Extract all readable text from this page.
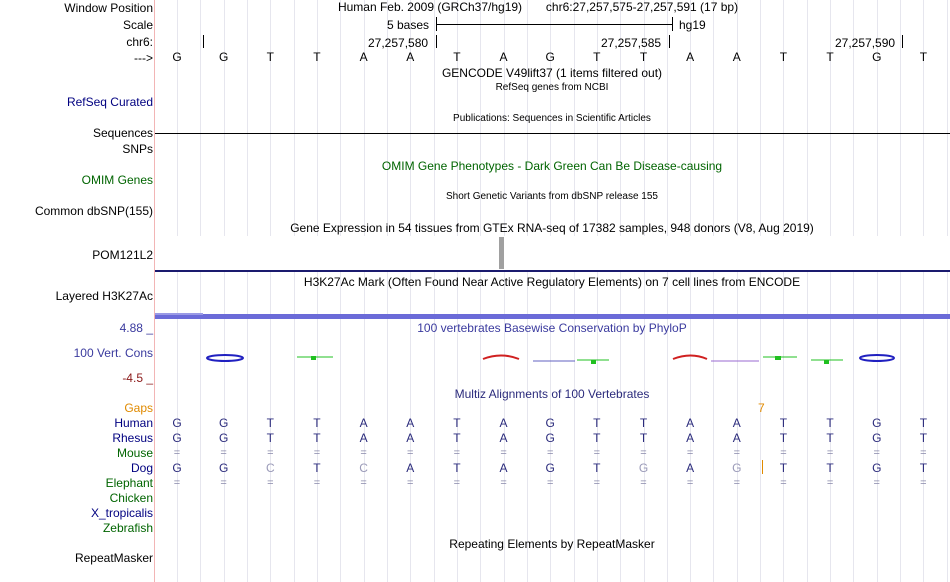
Window Position
Scale
chr6:
--->
RefSeq Curated
Sequences
SNPs
OMIM Genes
Common dbSNP(155)
POM121L2
Layered H3K27Ac
4.88 _
100 Vert. Cons
-4.5 _
Gaps
Human
Rhesus
Mouse
Dog
Elephant
Chicken
X_tropicalis
Zebrafish
RepeatMasker
Human Feb. 2009 (GRCh37/hg19) chr6:27,257,575-27,257,591 (17 bp)
5 bases	hg19
27,257,580	27,257,585	27,257,590
G	G	T	T	A	A	T	A	G	T	T	A	A	T	T	G	T
GENCODE V49lift37 (1 items filtered out)
RefSeq genes from NCBI
Publications: Sequences in Scientific Articles
OMIM Gene Phenotypes - Dark Green Can Be Disease-causing
Short Genetic Variants from dbSNP release 155
Gene Expression in 54 tissues from GTEx RNA-seq of 17382 samples, 948 donors (V8, Aug 2019)
H3K27Ac Mark (Often Found Near Active Regulatory Elements) on 7 cell lines from ENCODE
100 vertebrates Basewise Conservation by PhyloP
Multiz Alignments of 100 Vertebrates
7
G	G	T	T	A	A	T	A	G	T	T	A	A	T	T	G	T
G	G	T	T	A	A	T	A	G	T	T	A	A	T	T	G	T
=	=	=	=	=	=	=	=	=	=	=	=	=	=	=	=	=
G	G	C	T	C	A	T	A	G	T	G	A	G	T	T	G	T
=	=	=	=	=	=	=	=	=	=	=	=	=	=	=	=	=
Repeating Elements by RepeatMasker
